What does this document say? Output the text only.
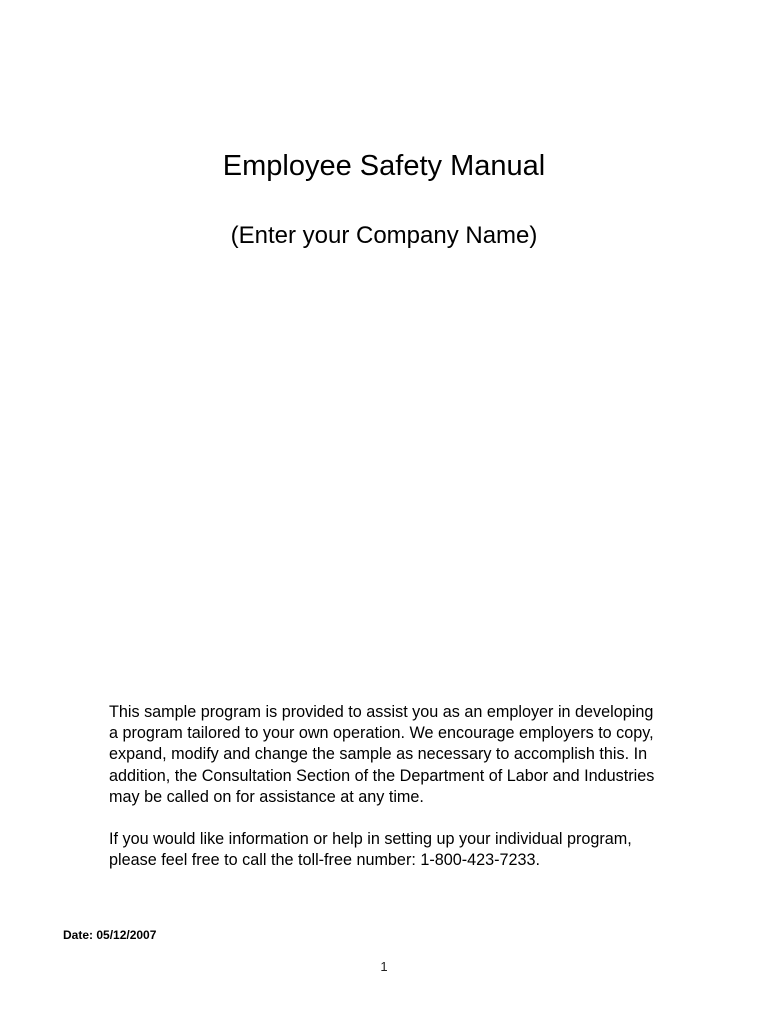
Employee Safety Manual
(Enter your Company Name)

This sample program is provided to assist you as an employer in developing
a program tailored to your own operation. We encourage employers to copy,
expand, modify and change the sample as necessary to accomplish this. In
addition, the Consultation Section of the Department of Labor and Industries
may be called on for assistance at any time.

If you would like information or help in setting up your individual program,
please feel free to call the toll-free number: 1-800-423-7233.

Date: 05/12/2007
1
